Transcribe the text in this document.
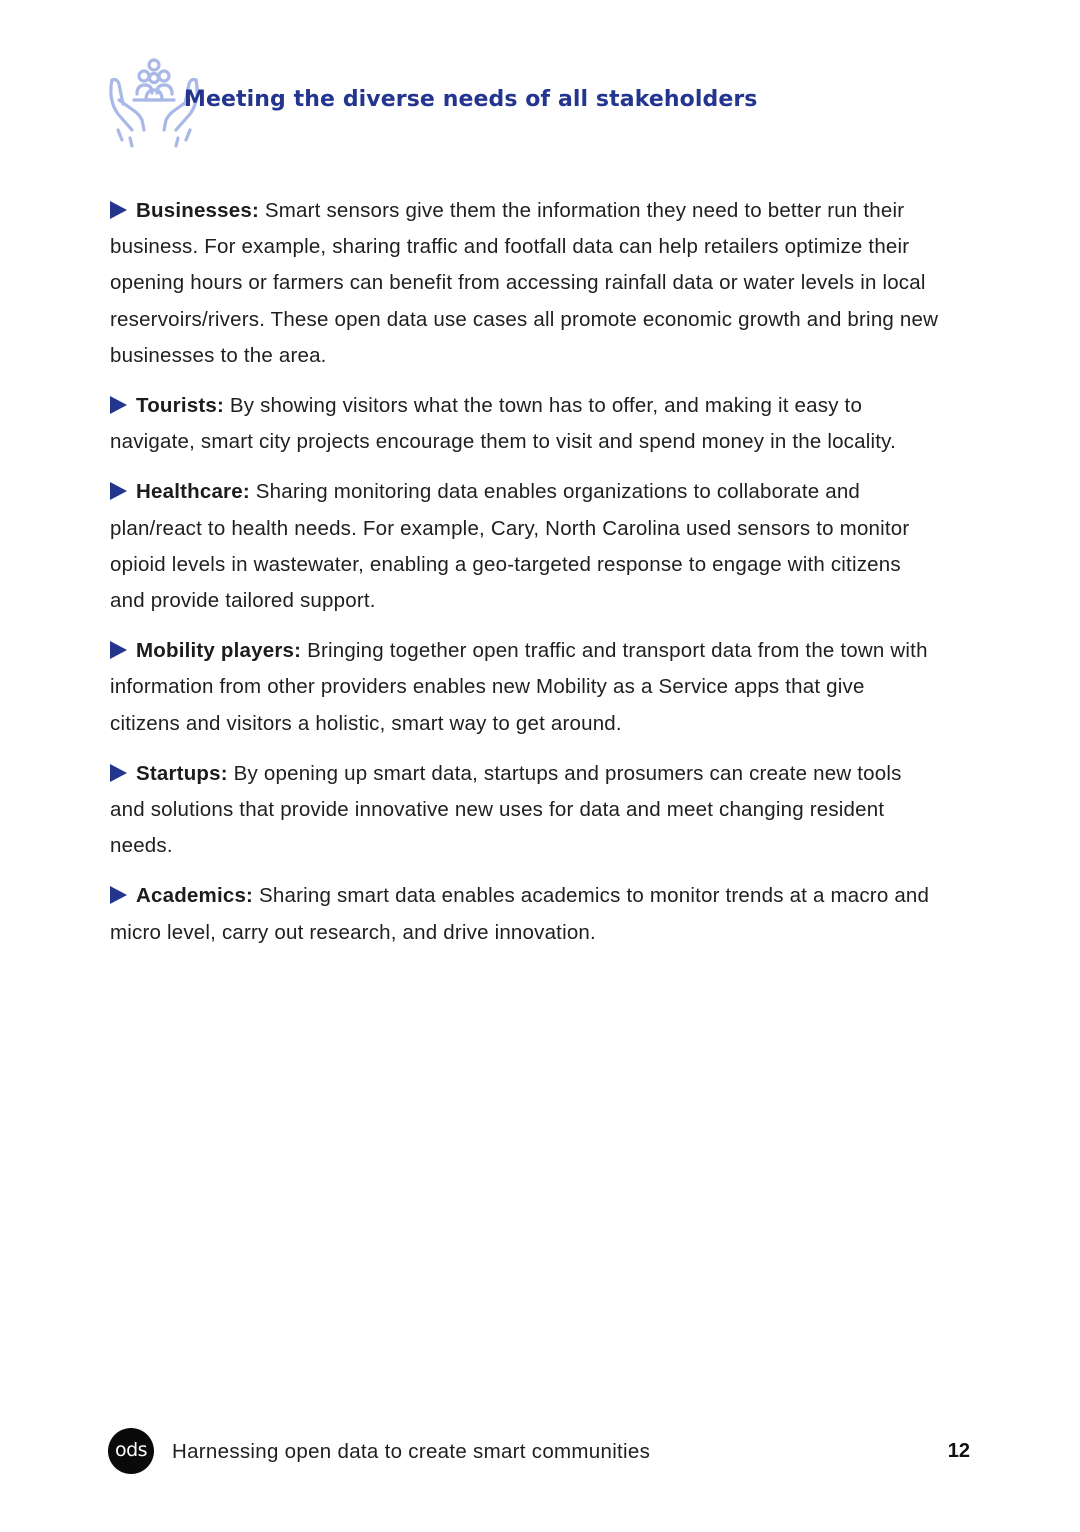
Meeting the diverse needs of all stakeholders

Businesses: Smart sensors give them the information they need to better run their business. For example, sharing traffic and footfall data can help retailers optimize their opening hours or farmers can benefit from accessing rainfall data or water levels in local reservoirs/rivers. These open data use cases all promote economic growth and bring new businesses to the area.

Tourists: By showing visitors what the town has to offer, and making it easy to navigate, smart city projects encourage them to visit and spend money in the locality.

Healthcare: Sharing monitoring data enables organizations to collaborate and plan/react to health needs. For example, Cary, North Carolina used sensors to monitor opioid levels in wastewater, enabling a geo-targeted response to engage with citizens and provide tailored support.

Mobility players: Bringing together open traffic and transport data from the town with information from other providers enables new Mobility as a Service apps that give citizens and visitors a holistic, smart way to get around.

Startups: By opening up smart data, startups and prosumers can create new tools and solutions that provide innovative new uses for data and meet changing resident needs.

Academics: Sharing smart data enables academics to monitor trends at a macro and micro level, carry out research, and drive innovation.

ods	Harnessing open data to create smart communities	12
